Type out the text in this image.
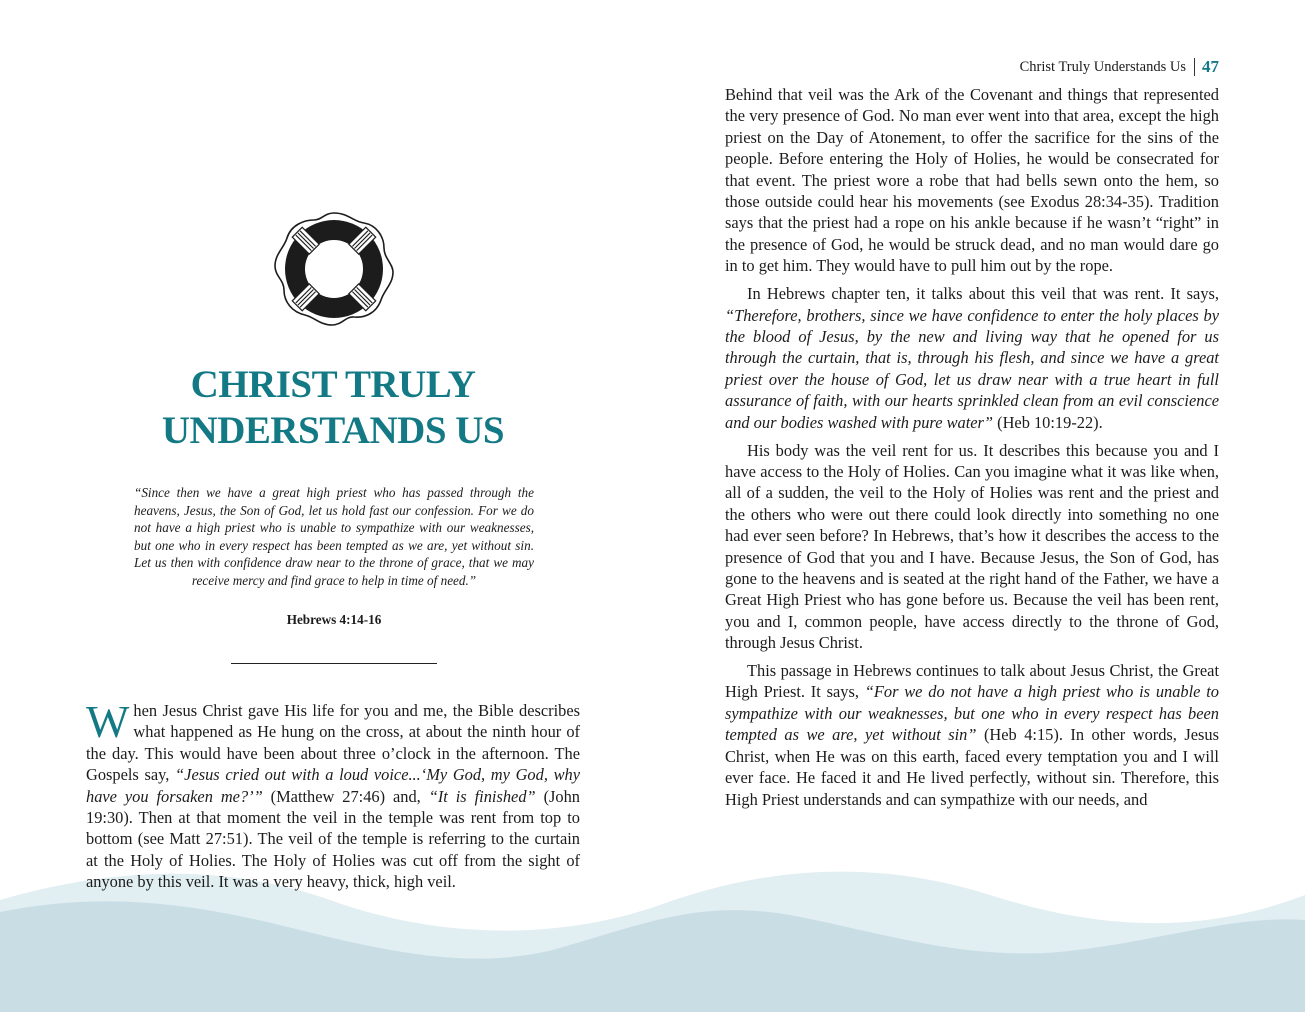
CHRIST TRULY
UNDERSTANDS US

“Since then we have a great high priest who has passed through the heavens, Jesus, the Son of God, let us hold fast our confession. For we do not have a high priest who is unable to sympathize with our weaknesses, but one who in every respect has been tempted as we are, yet without sin. Let us then with confidence draw near to the throne of grace, that we may receive mercy and find grace to help in time of need.”

Hebrews 4:14-16

When Jesus Christ gave His life for you and me, the Bible describes what happened as He hung on the cross, at about the ninth hour of the day. This would have been about three o’clock in the afternoon. The Gospels say, “Jesus cried out with a loud voice...‘My God, my God, why have you forsaken me?’” (Matthew 27:46) and, “It is finished” (John 19:30). Then at that moment the veil in the temple was rent from top to bottom (see Matt 27:51). The veil of the temple is referring to the curtain at the Holy of Holies. The Holy of Holies was cut off from the sight of anyone by this veil. It was a very heavy, thick, high veil.
Christ Truly Understands Us 47

Behind that veil was the Ark of the Covenant and things that represented the very presence of God. No man ever went into that area, except the high priest on the Day of Atonement, to offer the sacrifice for the sins of the people. Before entering the Holy of Holies, he would be consecrated for that event. The priest wore a robe that had bells sewn onto the hem, so those outside could hear his movements (see Exodus 28:34-35). Tradition says that the priest had a rope on his ankle because if he wasn’t “right” in the presence of God, he would be struck dead, and no man would dare go in to get him. They would have to pull him out by the rope.

In Hebrews chapter ten, it talks about this veil that was rent. It says, “Therefore, brothers, since we have confidence to enter the holy places by the blood of Jesus, by the new and living way that he opened for us through the curtain, that is, through his flesh, and since we have a great priest over the house of God, let us draw near with a true heart in full assurance of faith, with our hearts sprinkled clean from an evil conscience and our bodies washed with pure water” (Heb 10:19-22).

His body was the veil rent for us. It describes this because you and I have access to the Holy of Holies. Can you imagine what it was like when, all of a sudden, the veil to the Holy of Holies was rent and the priest and the others who were out there could look directly into something no one had ever seen before? In Hebrews, that’s how it describes the access to the presence of God that you and I have. Because Jesus, the Son of God, has gone to the heavens and is seated at the right hand of the Father, we have a Great High Priest who has gone before us. Because the veil has been rent, you and I, common people, have access directly to the throne of God, through Jesus Christ.

This passage in Hebrews continues to talk about Jesus Christ, the Great High Priest. It says, “For we do not have a high priest who is unable to sympathize with our weaknesses, but one who in every respect has been tempted as we are, yet without sin” (Heb 4:15). In other words, Jesus Christ, when He was on this earth, faced every temptation you and I will ever face. He faced it and He lived perfectly, without sin. Therefore, this High Priest understands and can sympathize with our needs, and
